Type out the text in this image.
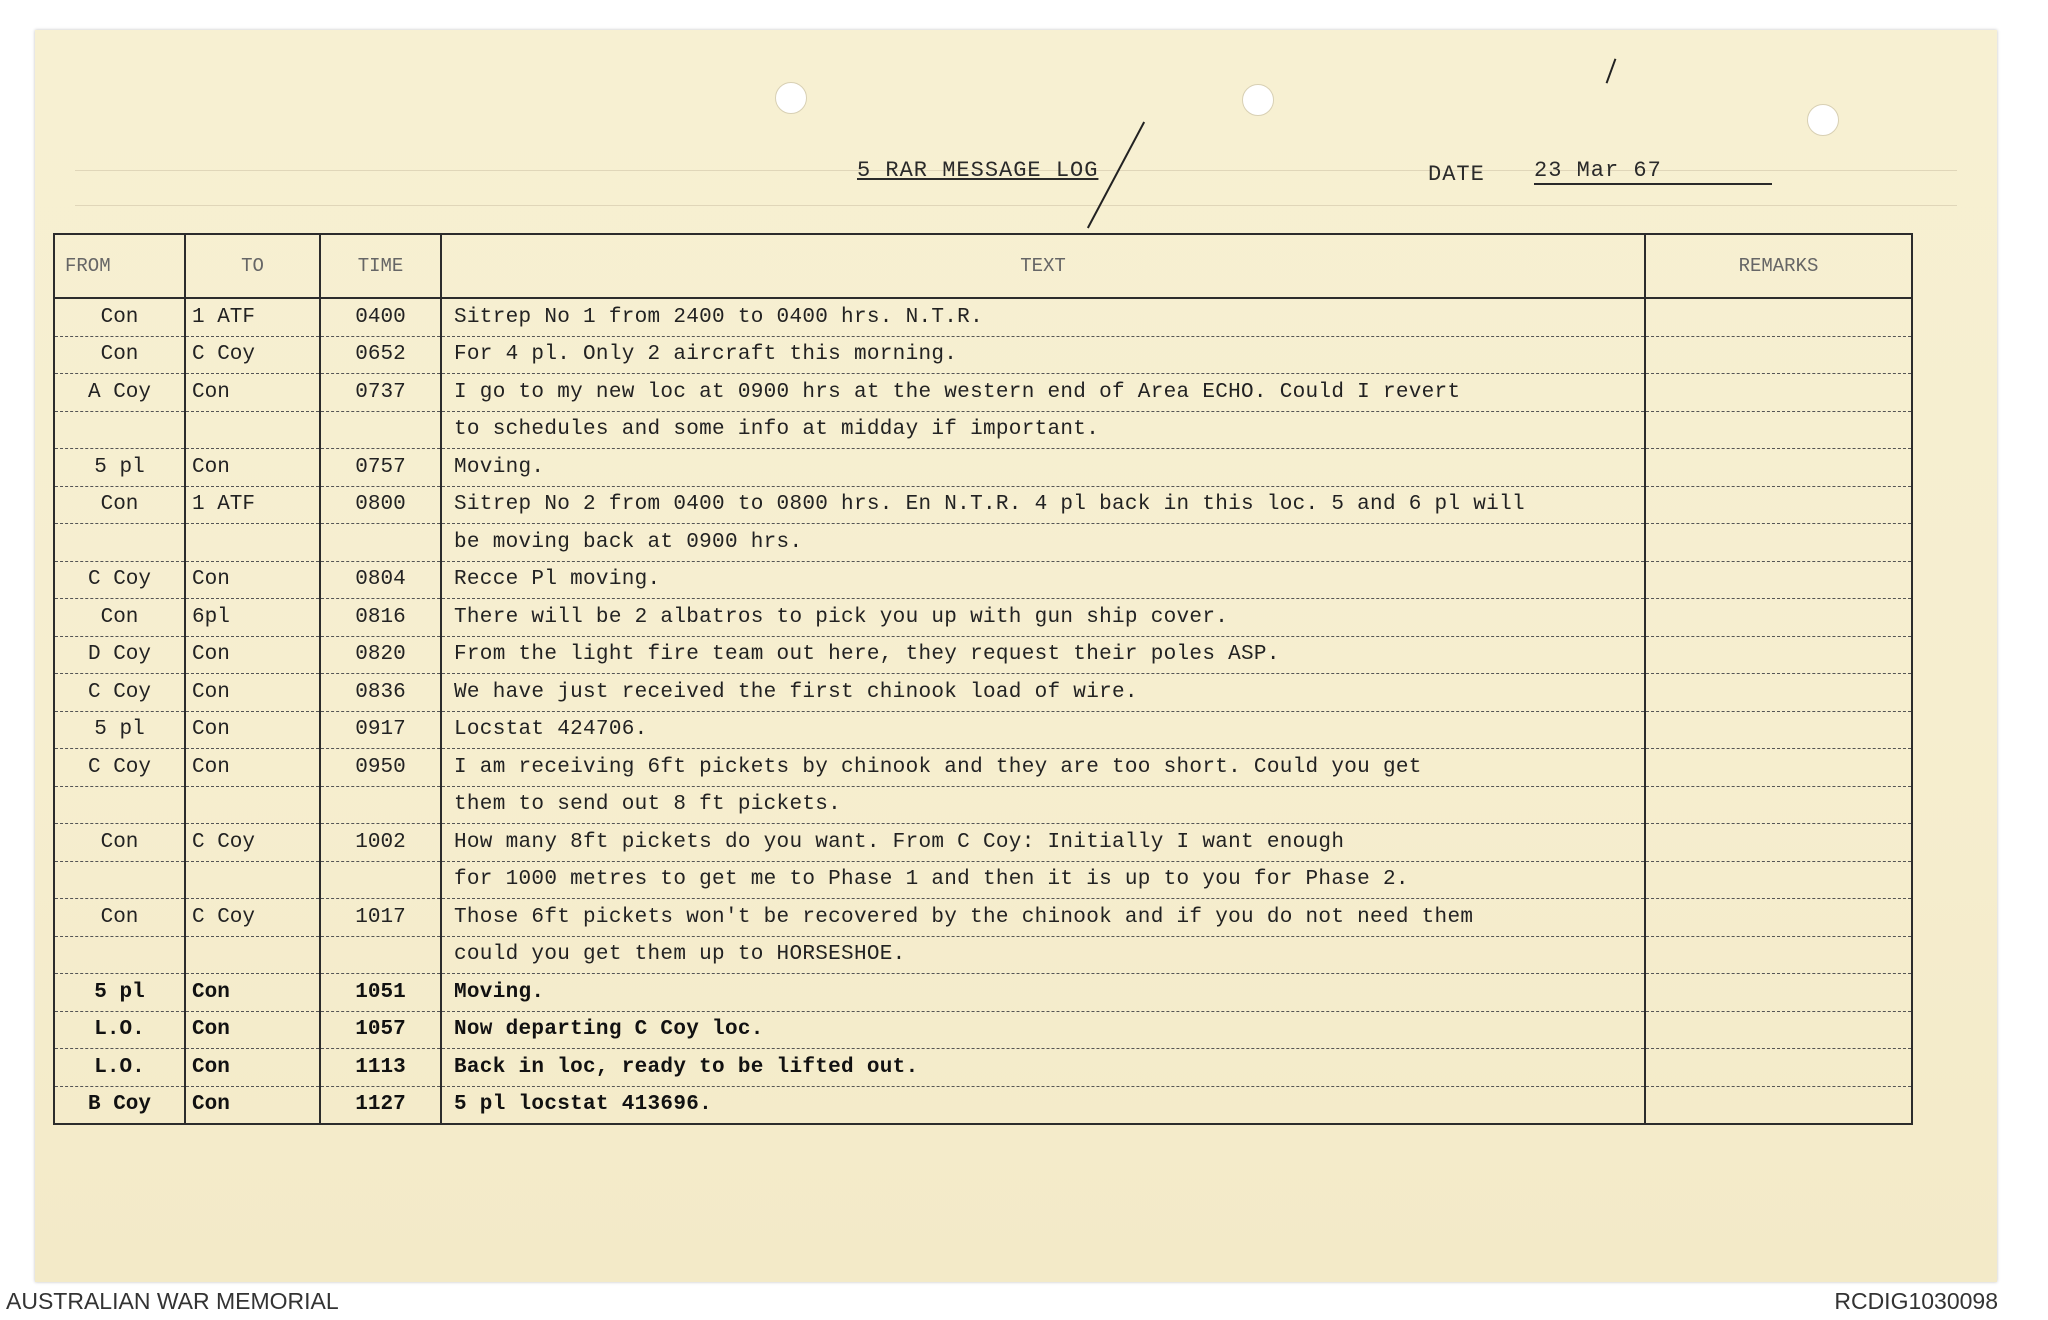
5 RAR MESSAGE LOG	DATE 23 Mar 67
FROM	TO	TIME	TEXT	REMARKS
Con	1 ATF	0400	Sitrep No 1 from 2400 to 0400 hrs. N.T.R.	
Con	C Coy	0652	For 4 pl. Only 2 aircraft this morning.	
A Coy	Con	0737	I go to my new loc at 0900 hrs at the western end of Area ECHO. Could I revert	
			to schedules and some info at midday if important.	
5 pl	Con	0757	Moving.	
Con	1 ATF	0800	Sitrep No 2 from 0400 to 0800 hrs. En N.T.R. 4 pl back in this loc. 5 and 6 pl will	
			be moving back at 0900 hrs.	
C Coy	Con	0804	Recce Pl moving.	
Con	6pl	0816	There will be 2 albatros to pick you up with gun ship cover.	
D Coy	Con	0820	From the light fire team out here, they request their poles ASP.	
C Coy	Con	0836	We have just received the first chinook load of wire.	
5 pl	Con	0917	Locstat 424706.	
C Coy	Con	0950	I am receiving 6ft pickets by chinook and they are too short. Could you get	
			them to send out 8 ft pickets.	
Con	C Coy	1002	How many 8ft pickets do you want. From C Coy: Initially I want enough	
			for 1000 metres to get me to Phase 1 and then it is up to you for Phase 2.	
Con	C Coy	1017	Those 6ft pickets won't be recovered by the chinook and if you do not need them	
			could you get them up to HORSESHOE.	
5 pl	Con	1051	Moving.	
L.O.	Con	1057	Now departing C Coy loc.	
L.O.	Con	1113	Back in loc, ready to be lifted out.	
B Coy	Con	1127	5 pl locstat 413696.	
AUSTRALIAN WAR MEMORIAL	RCDIG1030098
